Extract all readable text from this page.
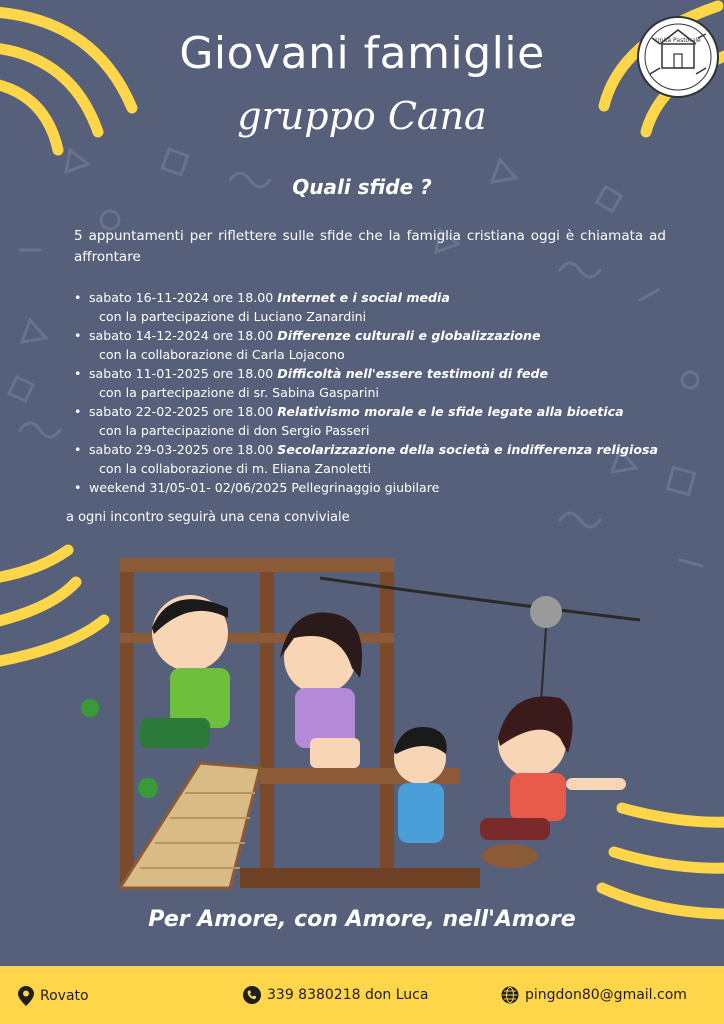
Unità Pastorale
Giovani famiglie
gruppo Cana
Quali sfide ?
5 appuntamenti per riflettere sulle sfide che la famiglia cristiana oggi è chiamata ad affrontare
• sabato 16-11-2024 ore 18.00 Internet e i social media
con la partecipazione di Luciano Zanardini
• sabato 14-12-2024 ore 18.00 Differenze culturali e globalizzazione
con la collaborazione di Carla Lojacono
• sabato 11-01-2025 ore 18.00 Difficoltà nell'essere testimoni di fede
con la partecipazione di sr. Sabina Gasparini
• sabato 22-02-2025 ore 18.00 Relativismo morale e le sfide legate alla bioetica
con la partecipazione di don Sergio Passeri
• sabato 29-03-2025 ore 18.00 Secolarizzazione della società e indifferenza religiosa
con la collaborazione di m. Eliana Zanoletti
• weekend 31/05-01- 02/06/2025 Pellegrinaggio giubilare
a ogni incontro seguirà una cena conviviale
Per Amore, con Amore, nell'Amore
Rovato	339 8380218 don Luca	pingdon80@gmail.com
